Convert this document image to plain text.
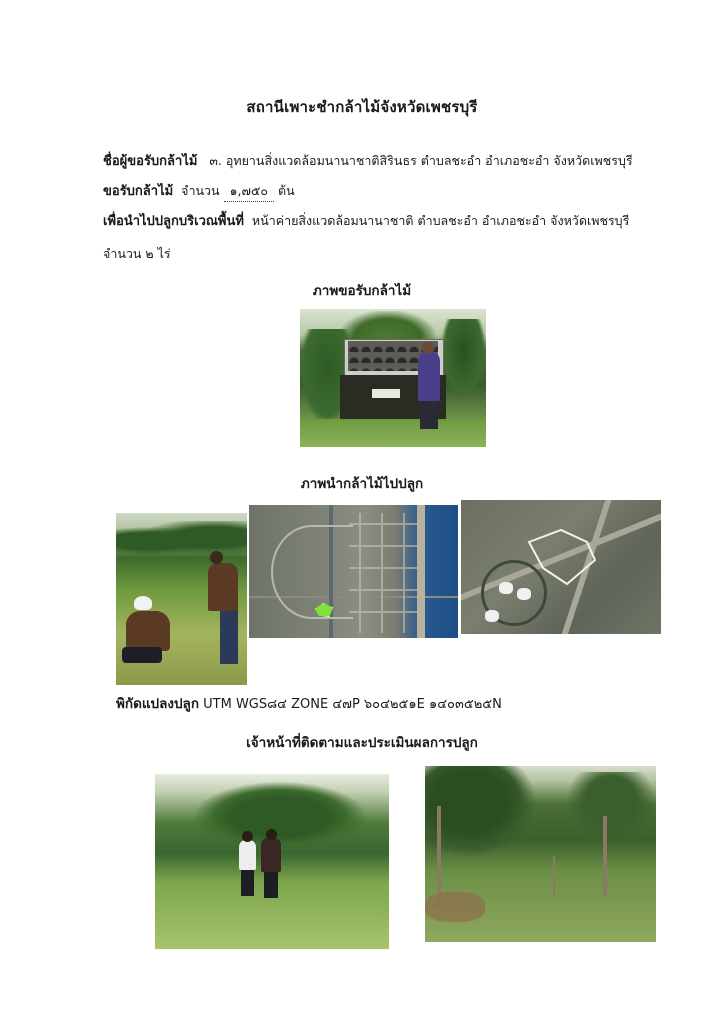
สถานีเพาะชำกล้าไม้จังหวัดเพชรบุรี
ชื่อผู้ขอรับกล้าไม้ ๓. อุทยานสิ่งแวดล้อมนานาชาติสิรินธร ตำบลชะอำ อำเภอชะอำ จังหวัดเพชรบุรี
ขอรับกล้าไม้ จำนวน ๑,๗๕๐ ต้น
เพื่อนำไปปลูกบริเวณพื้นที่ หน้าค่ายสิ่งแวดล้อมนานาชาติ ตำบลชะอำ อำเภอชะอำ จังหวัดเพชรบุรี
จำนวน ๒ ไร่
ภาพขอรับกล้าไม้
ภาพนำกล้าไม้ไปปลูก
พิกัดแปลงปลูก UTM WGS๘๔ ZONE ๔๗P ๖๐๔๒๕๑E ๑๔๐๓๕๒๕N
เจ้าหน้าที่ติดตามและประเมินผลการปลูก
